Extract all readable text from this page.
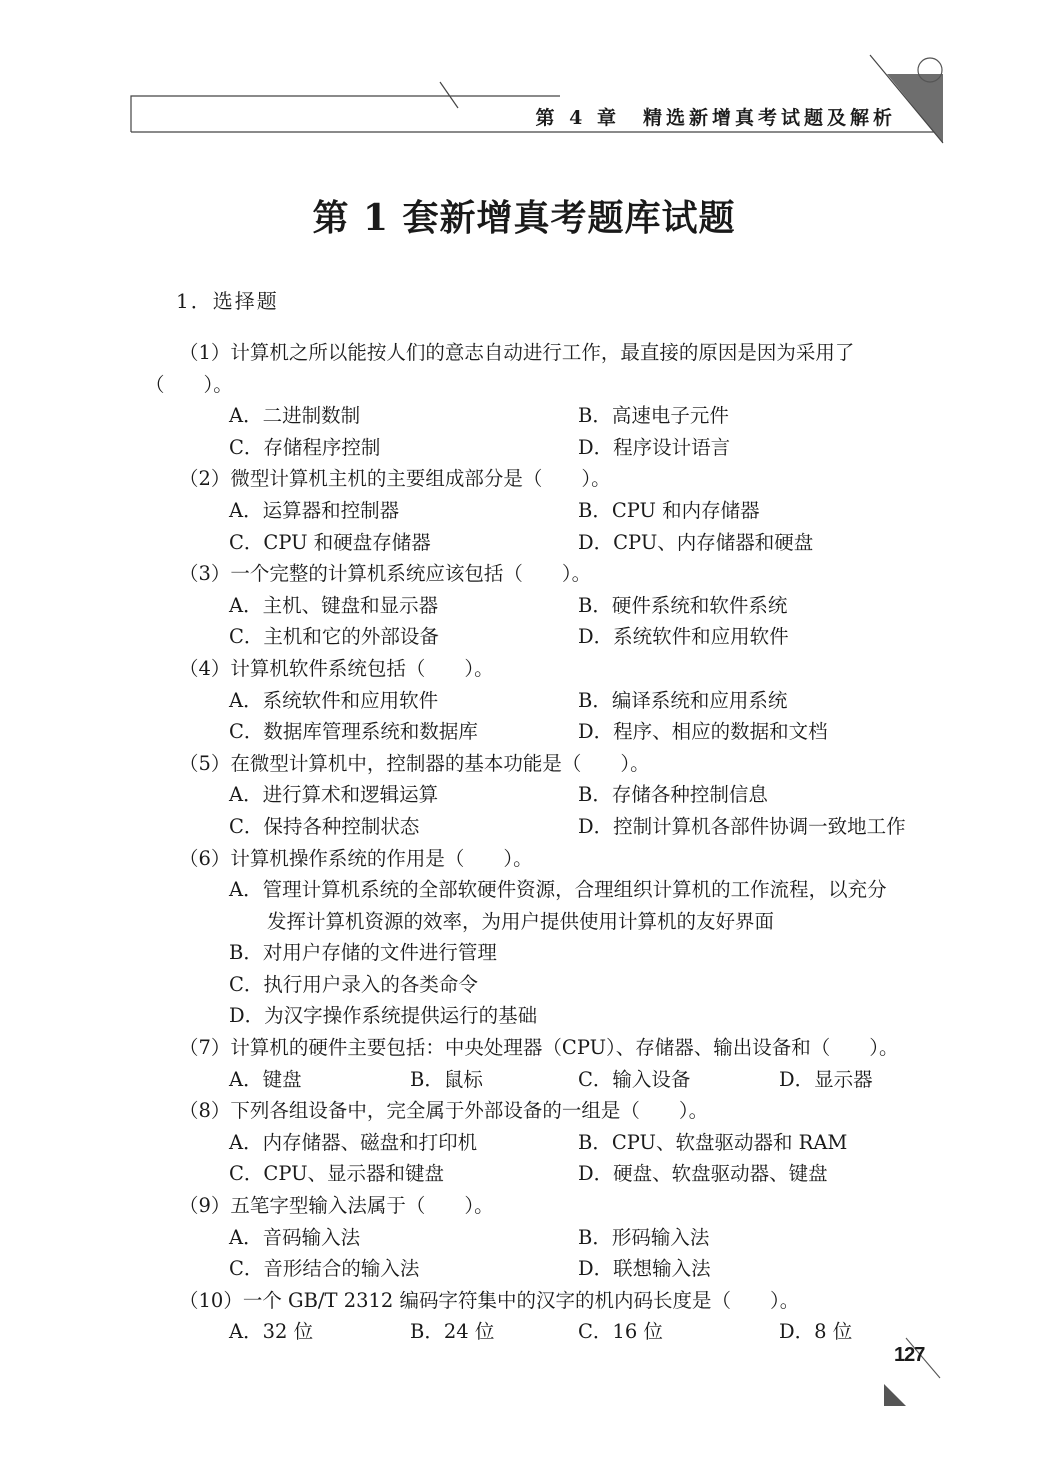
第 4 章　精选新增真考试题及解析
第 1 套新增真考题库试题
1．选择题
（1）计算机之所以能按人们的意志自动进行工作，最直接的原因是因为采用了
（　　）。
A．二进制数制	B．高速电子元件
C．存储程序控制	D．程序设计语言
（2）微型计算机主机的主要组成部分是（　　）。
A．运算器和控制器	B．CPU 和内存储器
C．CPU 和硬盘存储器	D．CPU、内存储器和硬盘
（3）一个完整的计算机系统应该包括（　　）。
A．主机、键盘和显示器	B．硬件系统和软件系统
C．主机和它的外部设备	D．系统软件和应用软件
（4）计算机软件系统包括（　　）。
A．系统软件和应用软件	B．编译系统和应用系统
C．数据库管理系统和数据库	D．程序、相应的数据和文档
（5）在微型计算机中，控制器的基本功能是（　　）。
A．进行算术和逻辑运算	B．存储各种控制信息
C．保持各种控制状态	D．控制计算机各部件协调一致地工作
（6）计算机操作系统的作用是（　　）。
A．管理计算机系统的全部软硬件资源，合理组织计算机的工作流程，以充分
发挥计算机资源的效率，为用户提供使用计算机的友好界面
B．对用户存储的文件进行管理
C．执行用户录入的各类命令
D．为汉字操作系统提供运行的基础
（7）计算机的硬件主要包括：中央处理器（CPU）、存储器、输出设备和（　　）。
A．键盘	B．鼠标	C．输入设备	D．显示器
（8）下列各组设备中，完全属于外部设备的一组是（　　）。
A．内存储器、磁盘和打印机	B．CPU、软盘驱动器和 RAM
C．CPU、显示器和键盘	D．硬盘、软盘驱动器、键盘
（9）五笔字型输入法属于（　　）。
A．音码输入法	B．形码输入法
C．音形结合的输入法	D．联想输入法
（10）一个 GB/T 2312 编码字符集中的汉字的机内码长度是（　　）。
A．32 位	B．24 位	C．16 位	D．8 位
127
